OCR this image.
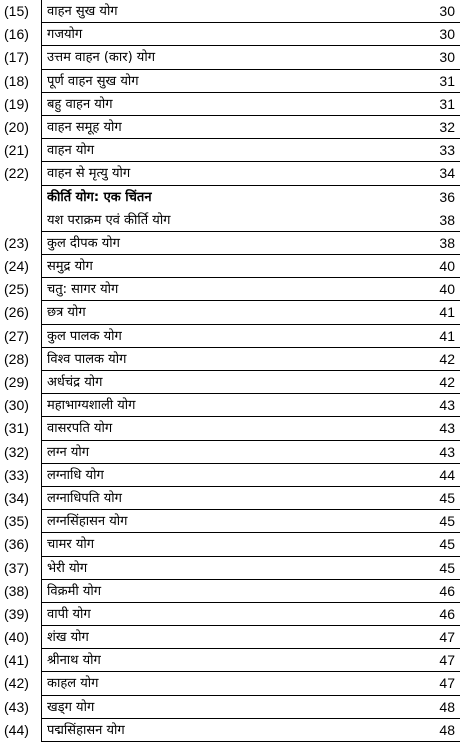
(15)	वाहन सुख योग	30
(16)	गजयोग	30
(17)	उत्तम वाहन (कार) योग	30
(18)	पूर्ण वाहन सुख योग	31
(19)	बहु वाहन योग	31
(20)	वाहन समूह योग	32
(21)	वाहन योग	33
(22)	वाहन से मृत्यु योग	34
कीर्ति योग: एक चिंतन	36
यश पराक्रम एवं कीर्ति योग	38
(23)	कुल दीपक योग	38
(24)	समुद्र योग	40
(25)	चतु: सागर योग	40
(26)	छत्र योग	41
(27)	कुल पालक योग	41
(28)	विश्व पालक योग	42
(29)	अर्धचंद्र योग	42
(30)	महाभाग्यशाली योग	43
(31)	वासरपति योग	43
(32)	लग्न योग	43
(33)	लग्नाधि योग	44
(34)	लग्नाधिपति योग	45
(35)	लग्नसिंहासन योग	45
(36)	चामर योग	45
(37)	भेरी योग	45
(38)	विक्रमी योग	46
(39)	वापी योग	46
(40)	शंख योग	47
(41)	श्रीनाथ योग	47
(42)	काहल योग	47
(43)	खड्ग योग	48
(44)	पद्मसिंहासन योग	48
